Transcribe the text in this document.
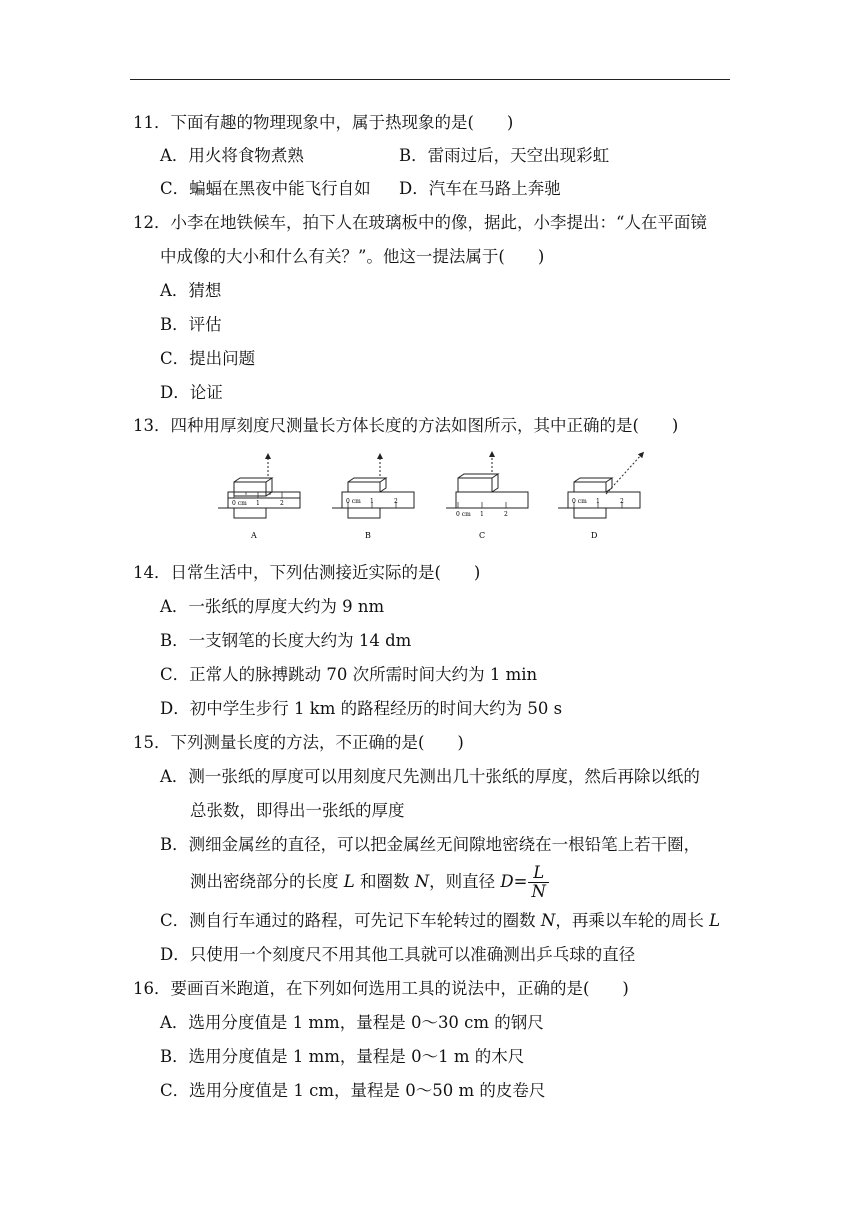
11．下面有趣的物理现象中，属于热现象的是(　　)
A．用火将食物煮熟	B．雷雨过后，天空出现彩虹
C．蝙蝠在黑夜中能飞行自如 D．汽车在马路上奔驰
12．小李在地铁候车，拍下人在玻璃板中的像，据此，小李提出：“人在平面镜
中成像的大小和什么有关？”。他这一提法属于(　　)
A．猜想
B．评估
C．提出问题
D．论证
13．四种用厚刻度尺测量长方体长度的方法如图所示，其中正确的是(　　)
0 cm 1	2
A
0 cm 1	2
B
0 cm 1	2
C
0 cm 1	2
D
14．日常生活中，下列估测接近实际的是(　　)
A．一张纸的厚度大约为 9 nm
B．一支钢笔的长度大约为 14 dm
C．正常人的脉搏跳动 70 次所需时间大约为 1 min
D．初中学生步行 1 km 的路程经历的时间大约为 50 s
15．下列测量长度的方法，不正确的是(　　)
A．测一张纸的厚度可以用刻度尺先测出几十张纸的厚度，然后再除以纸的
总张数，即得出一张纸的厚度
B．测细金属丝的直径，可以把金属丝无间隙地密绕在一根铅笔上若干圈，
测出密绕部分的长度 L 和圈数 N，则直径 $D= \frac{L}{N}$
C．测自行车通过的路程，可先记下车轮转过的圈数 N，再乘以车轮的周长 L
D．只使用一个刻度尺不用其他工具就可以准确测出乒乓球的直径
16．要画百米跑道，在下列如何选用工具的说法中，正确的是(　　)
A．选用分度值是 1 mm，量程是 0～30 cm 的钢尺
B．选用分度值是 1 mm，量程是 0～1 m 的木尺
C．选用分度值是 1 cm，量程是 0～50 m 的皮卷尺
